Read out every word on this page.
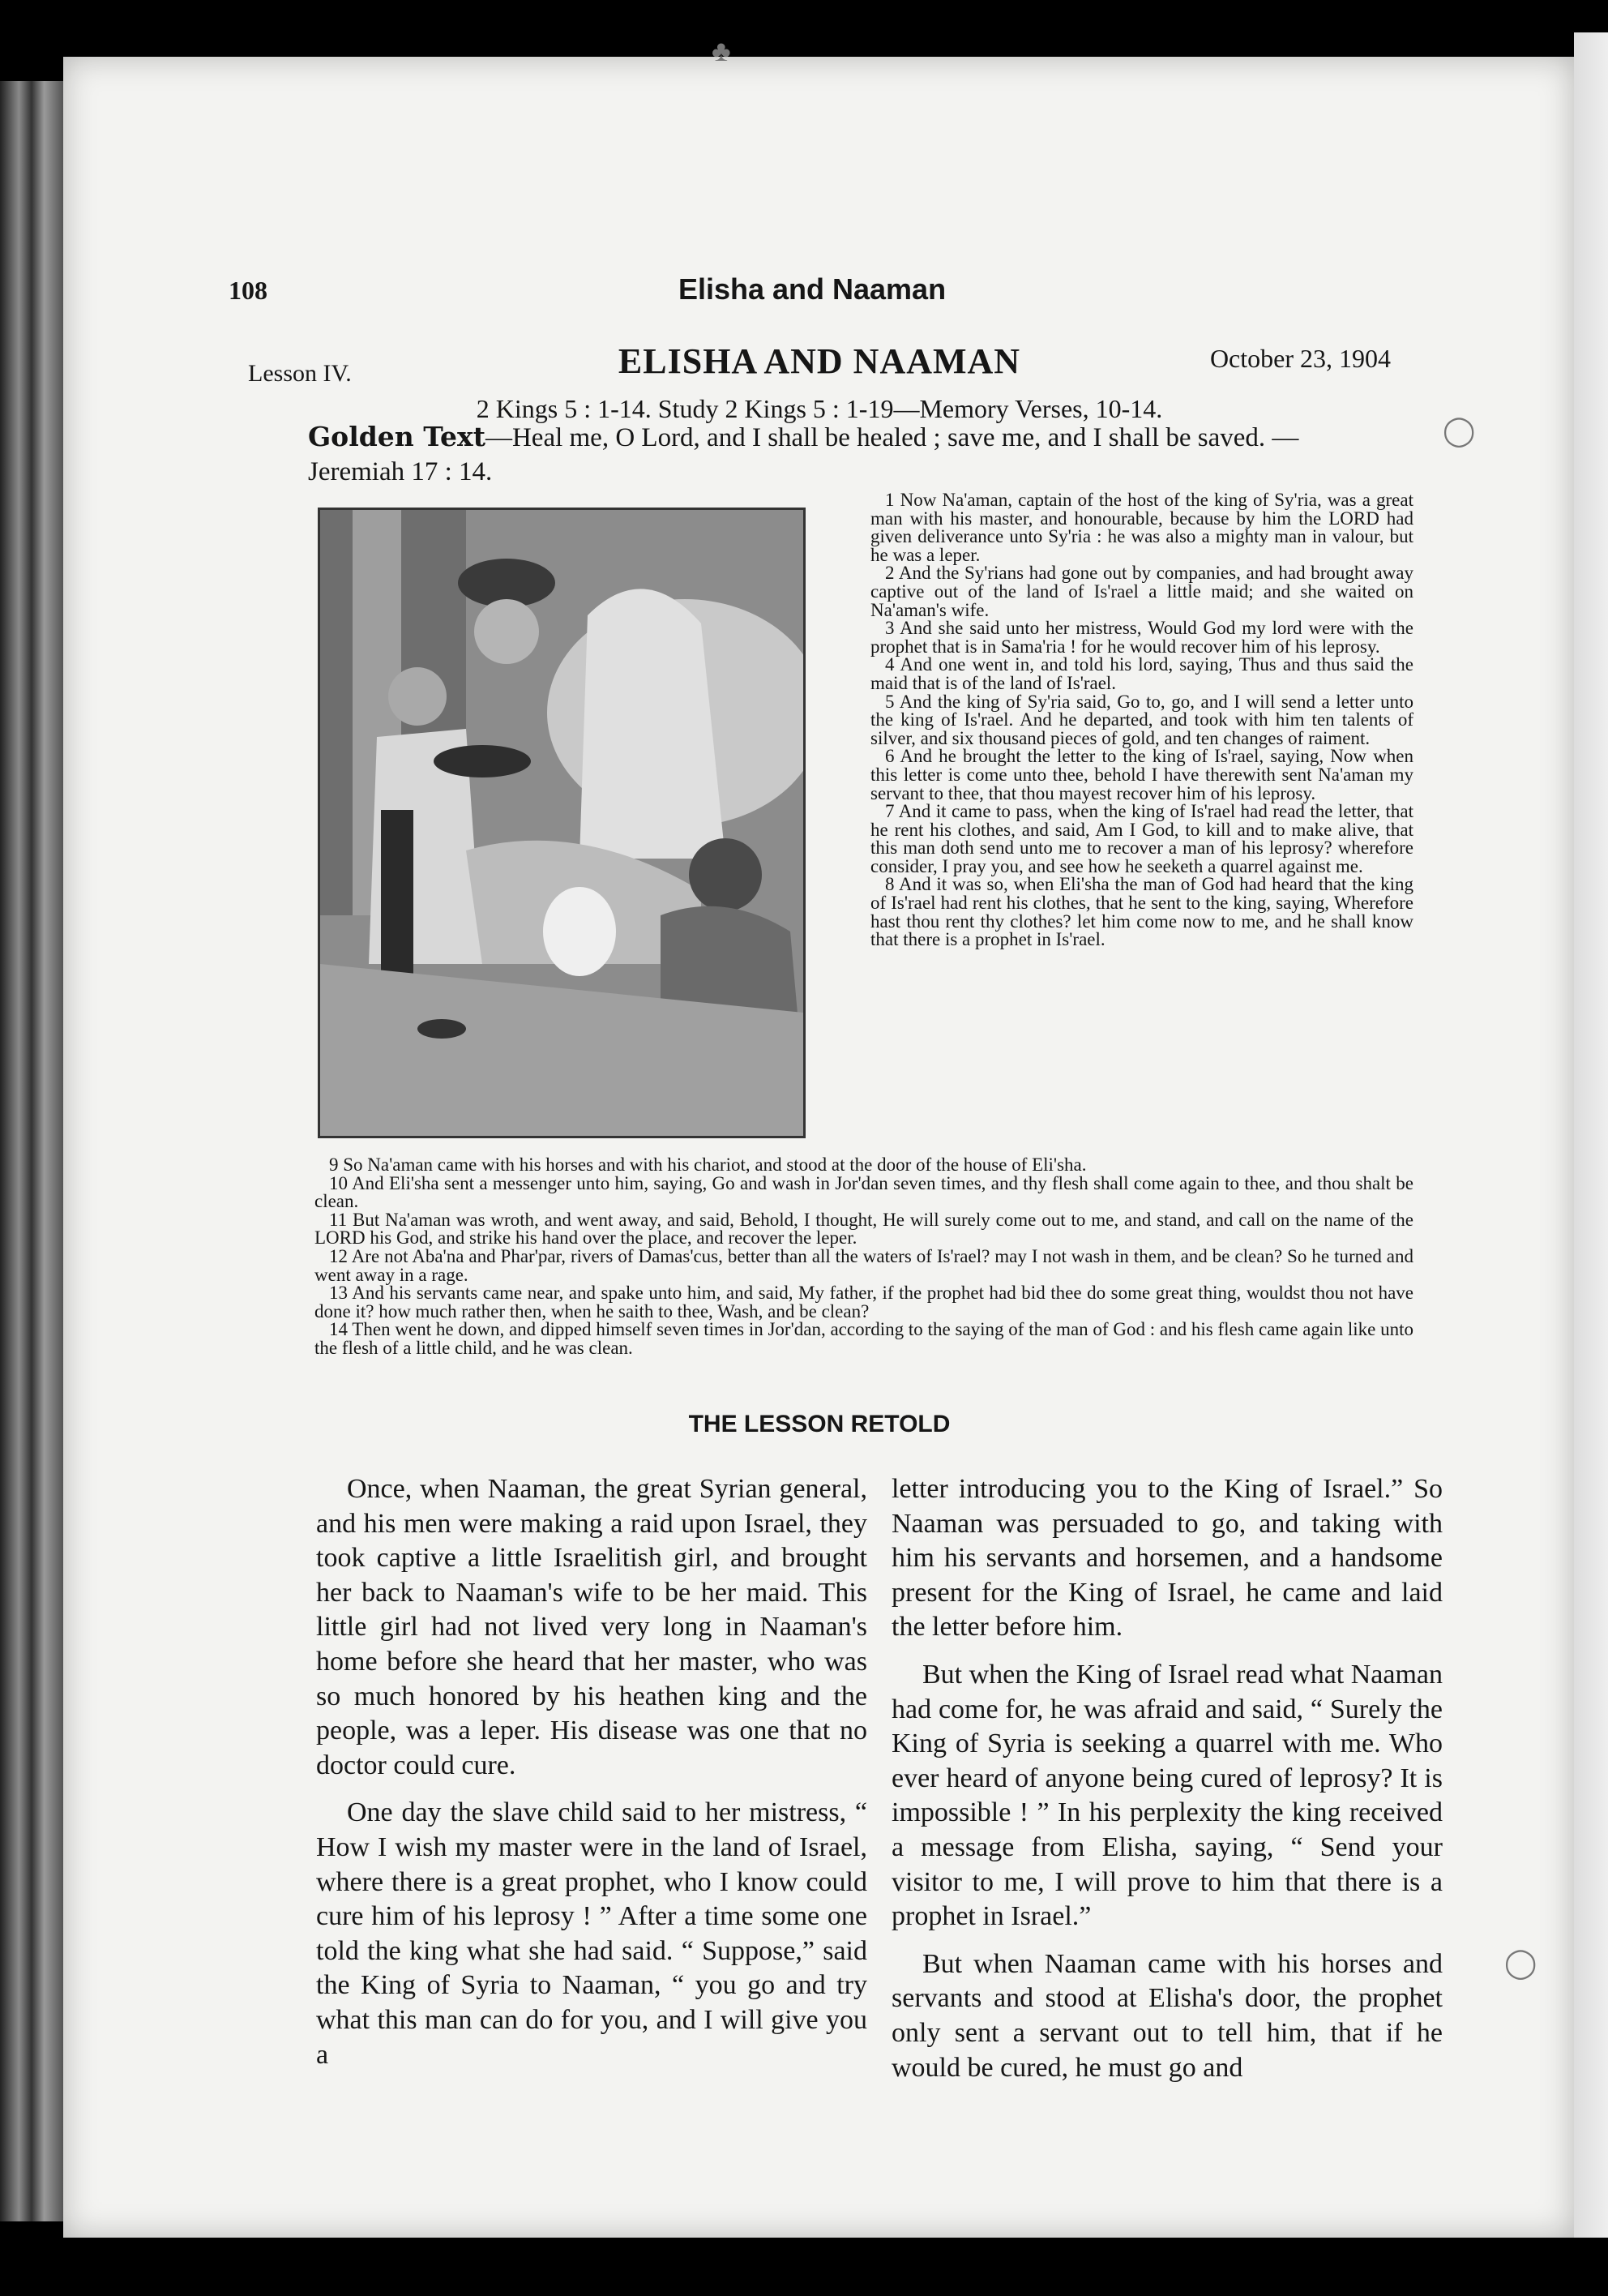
♣
108	Elisha and Naaman
Lesson IV.	ELISHA AND NAAMAN	October 23, 1904
2 Kings 5 : 1-14. Study 2 Kings 5 : 1-19—Memory Verses, 10-14.
Golden Text—Heal me, O Lord, and I shall be healed ; save me, and I shall be saved. —Jeremiah 17 : 14.

1 Now Na'aman, captain of the host of the king of Sy'ria, was a great man with his master, and honourable, because by him the LORD had given deliverance unto Sy'ria : he was also a mighty man in valour, but he was a leper.

2 And the Sy'rians had gone out by companies, and had brought away captive out of the land of Is'rael a little maid; and she waited on Na'aman's wife.

3 And she said unto her mistress, Would God my lord were with the prophet that is in Sama'ria ! for he would recover him of his leprosy.

4 And one went in, and told his lord, saying, Thus and thus said the maid that is of the land of Is'rael.

5 And the king of Sy'ria said, Go to, go, and I will send a letter unto the king of Is'rael. And he departed, and took with him ten talents of silver, and six thousand pieces of gold, and ten changes of raiment.

6 And he brought the letter to the king of Is'rael, saying, Now when this letter is come unto thee, behold I have therewith sent Na'aman my servant to thee, that thou mayest recover him of his leprosy.

7 And it came to pass, when the king of Is'rael had read the letter, that he rent his clothes, and said, Am I God, to kill and to make alive, that this man doth send unto me to recover a man of his leprosy? wherefore consider, I pray you, and see how he seeketh a quarrel against me.

8 And it was so, when Eli'sha the man of God had heard that the king of Is'rael had rent his clothes, that he sent to the king, saying, Wherefore hast thou rent thy clothes? let him come now to me, and he shall know that there is a prophet in Is'rael.

9 So Na'aman came with his horses and with his chariot, and stood at the door of the house of Eli'sha.

10 And Eli'sha sent a messenger unto him, saying, Go and wash in Jor'dan seven times, and thy flesh shall come again to thee, and thou shalt be clean.

11 But Na'aman was wroth, and went away, and said, Behold, I thought, He will surely come out to me, and stand, and call on the name of the LORD his God, and strike his hand over the place, and recover the leper.

12 Are not Aba'na and Phar'par, rivers of Damas'cus, better than all the waters of Is'rael? may I not wash in them, and be clean? So he turned and went away in a rage.

13 And his servants came near, and spake unto him, and said, My father, if the prophet had bid thee do some great thing, wouldst thou not have done it? how much rather then, when he saith to thee, Wash, and be clean?

14 Then went he down, and dipped himself seven times in Jor'dan, according to the saying of the man of God : and his flesh came again like unto the flesh of a little child, and he was clean.

THE LESSON RETOLD

Once, when Naaman, the great Syrian general, and his men were making a raid upon Israel, they took captive a little Israelitish girl, and brought her back to Naaman's wife to be her maid. This little girl had not lived very long in Naaman's home before she heard that her master, who was so much honored by his heathen king and the people, was a leper. His disease was one that no doctor could cure.

One day the slave child said to her mistress, “ How I wish my master were in the land of Israel, where there is a great prophet, who I know could cure him of his leprosy ! ” After a time some one told the king what she had said. “ Suppose,” said the King of Syria to Naaman, “ you go and try what this man can do for you, and I will give you a

letter introducing you to the King of Israel.” So Naaman was persuaded to go, and taking with him his servants and horsemen, and a handsome present for the King of Israel, he came and laid the letter before him.

But when the King of Israel read what Naaman had come for, he was afraid and said, “ Surely the King of Syria is seeking a quarrel with me. Who ever heard of anyone being cured of leprosy? It is impossible ! ” In his perplexity the king received a message from Elisha, saying, “ Send your visitor to me, I will prove to him that there is a prophet in Israel.”

But when Naaman came with his horses and servants and stood at Elisha's door, the prophet only sent a servant out to tell him, that if he would be cured, he must go and

◯
◯
